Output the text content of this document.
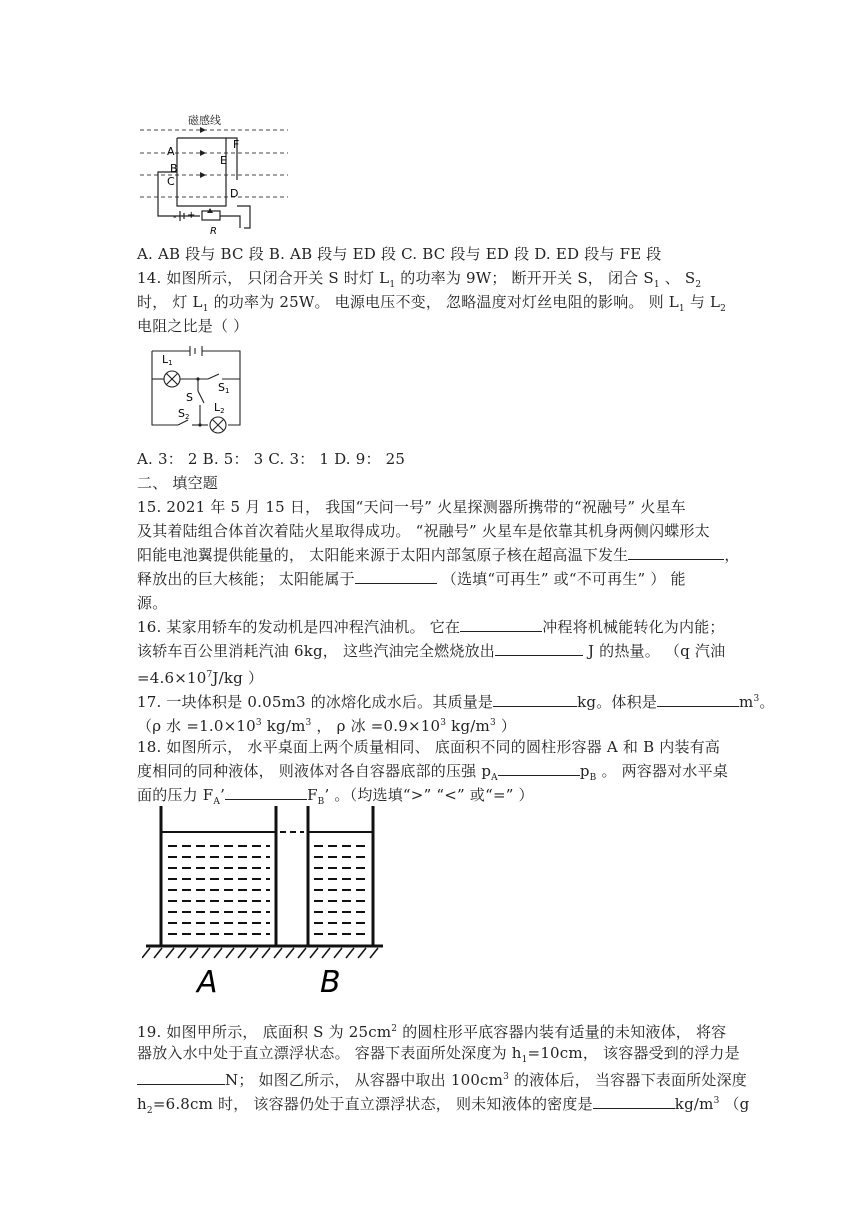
磁感线
A
B
C
D
E
F
R
- +
A. AB 段与 BC 段 B. AB 段与 ED 段 C. BC 段与 ED 段 D. ED 段与 FE 段
14. 如图所示， 只闭合开关 S 时灯 $L_1$ 的功率为 9W； 断开开关 S， 闭合 $S_1$ 、 $S_2$
时， 灯 $L_1$ 的功率为 25W。 电源电压不变， 忽略温度对灯丝电阻的影响。 则 $L_1$ 与 $L_2$
电阻之比是（ ）
L1
S1
S
S2
L2
A. 3： 2 B. 5： 3 C. 3： 1 D. 9： 25
二、 填空题
15. 2021 年 5 月 15 日， 我国“天问一号” 火星探测器所携带的“祝融号” 火星车
及其着陆组合体首次着陆火星取得成功。 “祝融号” 火星车是依靠其机身两侧闪蝶形太
阳能电池翼提供能量的， 太阳能来源于太阳内部氢原子核在超高温下发生	，
释放出的巨大核能； 太阳能属于	（选填“可再生” 或“不可再生” ） 能
源。
16. 某家用轿车的发动机是四冲程汽油机。 它在	冲程将机械能转化为内能；
该轿车百公里消耗汽油 6kg， 这些汽油完全燃烧放出	J 的热量。 （q 汽油
$=4.6\times 10^7J/kg$ ）
17. 一块体积是 0.05m3 的冰熔化成水后。其质量是	kg。体积是	$m^3$。
（ρ 水 $=1.0\times 10^3$ $kg/m^3$ ， ρ 冰 $=0.9\times 10^3$ $kg/m^3$ ）
18. 如图所示， 水平桌面上两个质量相同、 底面积不同的圆柱形容器 A 和 B 内装有高
度相同的同种液体， 则液体对各自容器底部的压强 $p_A$	$p_B$ 。 两容器对水平桌
面的压力 $F_A$’	$F_B$’ 。（均选填“>” “<” 或“=” ）
A	B
19. 如图甲所示， 底面积 S 为 $25cm^2$ 的圆柱形平底容器内装有适量的未知液体， 将容
器放入水中处于直立漂浮状态。 容器下表面所处深度为 $h_1=10cm$， 该容器受到的浮力是
N； 如图乙所示， 从容器中取出 $100cm^3$ 的液体后， 当容器下表面所处深度
$h_2=6.8cm$ 时， 该容器仍处于直立漂浮状态， 则未知液体的密度是	$kg/m^3$ （g
